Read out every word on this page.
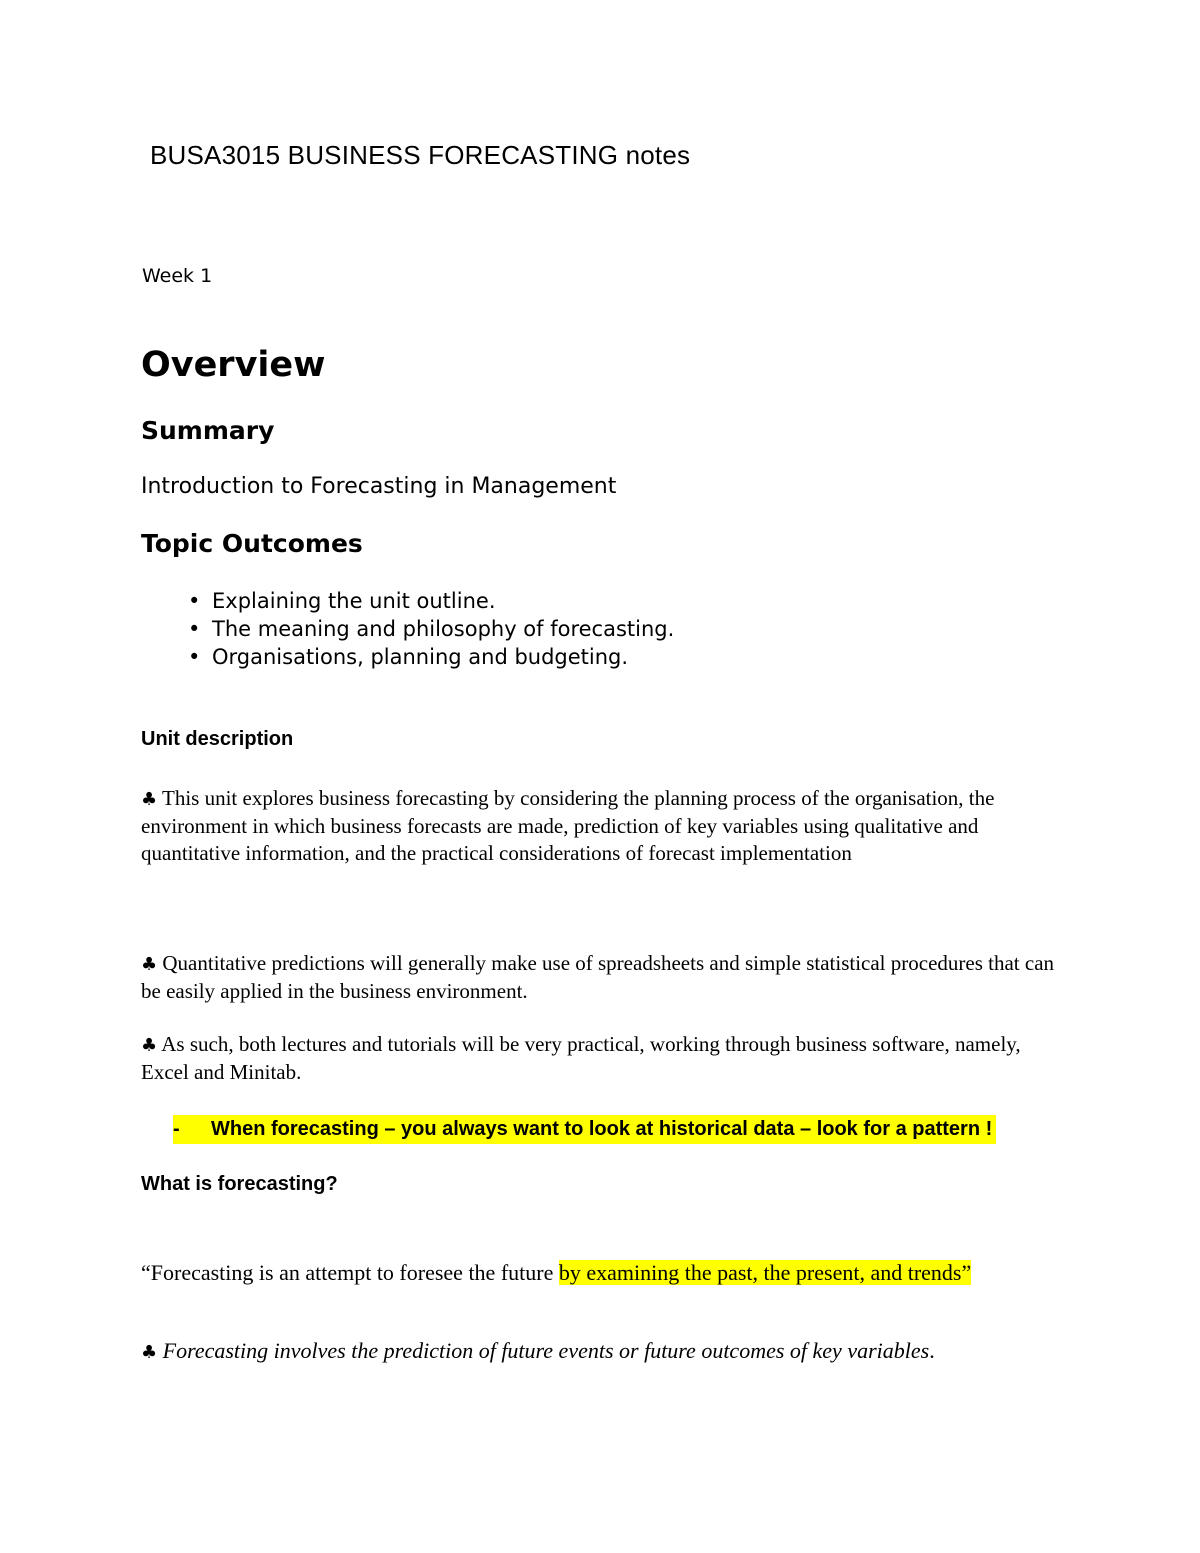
BUSA3015 BUSINESS FORECASTING notes
Week 1
Overview
Summary
Introduction to Forecasting in Management
Topic Outcomes
• Explaining the unit outline.
• The meaning and philosophy of forecasting.
• Organisations, planning and budgeting.
Unit description

♣ This unit explores business forecasting by considering the planning process of the organisation, the environment in which business forecasts are made, prediction of key variables using qualitative and quantitative information, and the practical considerations of forecast implementation

♣ Quantitative predictions will generally make use of spreadsheets and simple statistical procedures that can be easily applied in the business environment.

♣ As such, both lectures and tutorials will be very practical, working through business software, namely, Excel and Minitab.

- When forecasting – you always want to look at historical data – look for a pattern !
What is forecasting?
“Forecasting is an attempt to foresee the future by examining the past, the present, and trends”
♣ Forecasting involves the prediction of future events or future outcomes of key variables.
